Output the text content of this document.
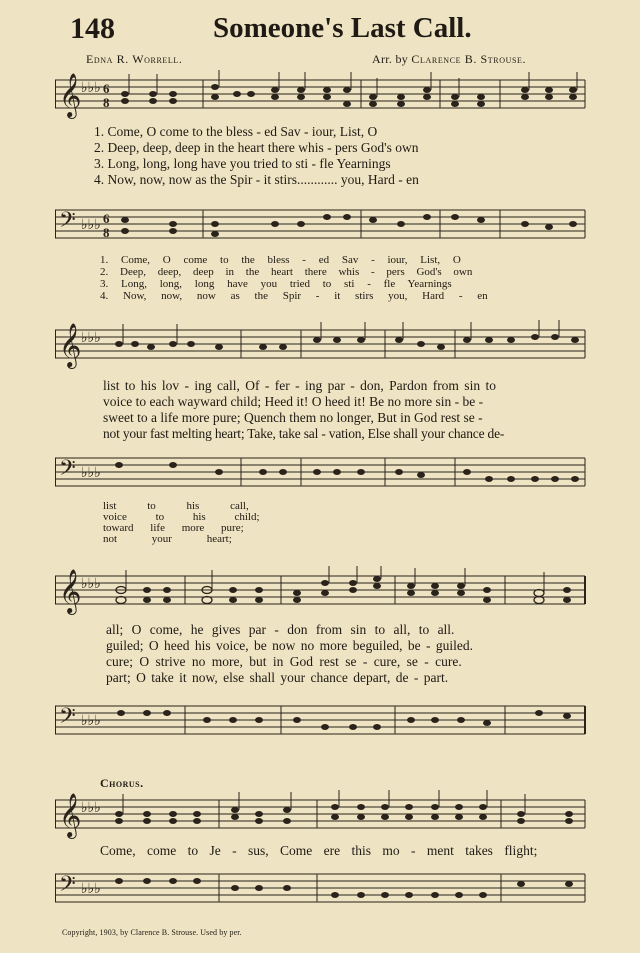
148	Someone's Last Call.
Edna R. Worrell.	Arr. by Clarence B. Strouse.
𝄞 ♭♭♭ 6
8
1. Come, O come to the bless - ed Sav - iour, List, O
2. Deep, deep, deep in the heart there whis - pers God's own
3. Long, long, long have you tried to sti - fle Yearnings
4. Now, now, now as the Spir - it stirs............ you, Hard - en
𝄢 ♭♭♭ 6
8
1. Come, O come to the bless - ed Sav - iour, List, O
2. Deep, deep, deep in the heart there whis - pers God's own
3. Long, long, long have you tried to sti - fle Yearnings
4. Now, now, now as the Spir - it stirs you, Hard - en
𝄞 ♭♭♭
list to his lov - ing call, Of - fer - ing par - don, Pardon from sin to
voice to each wayward child; Heed it! O heed it! Be no more sin - be -
sweet to a life more pure; Quench them no longer, But in God rest se -
not your fast melting heart; Take, take sal - vation, Else shall your chance de-
𝄢 ♭♭♭
list to his call,
voice to his child;
toward life more pure;
not your heart;
𝄞 ♭♭♭
all; O come, he gives par - don from sin to all, to all.
guiled; O heed his voice, be now no more beguiled, be - guiled.
cure; O strive no more, but in God rest se - cure, se - cure.
part; O take it now, else shall your chance depart, de - part.
𝄢 ♭♭♭
Chorus.
𝄞 ♭♭♭
Come, come to Je - sus, Come ere this mo - ment takes flight;
𝄢 ♭♭♭
Copyright, 1903, by Clarence B. Strouse. Used by per.
